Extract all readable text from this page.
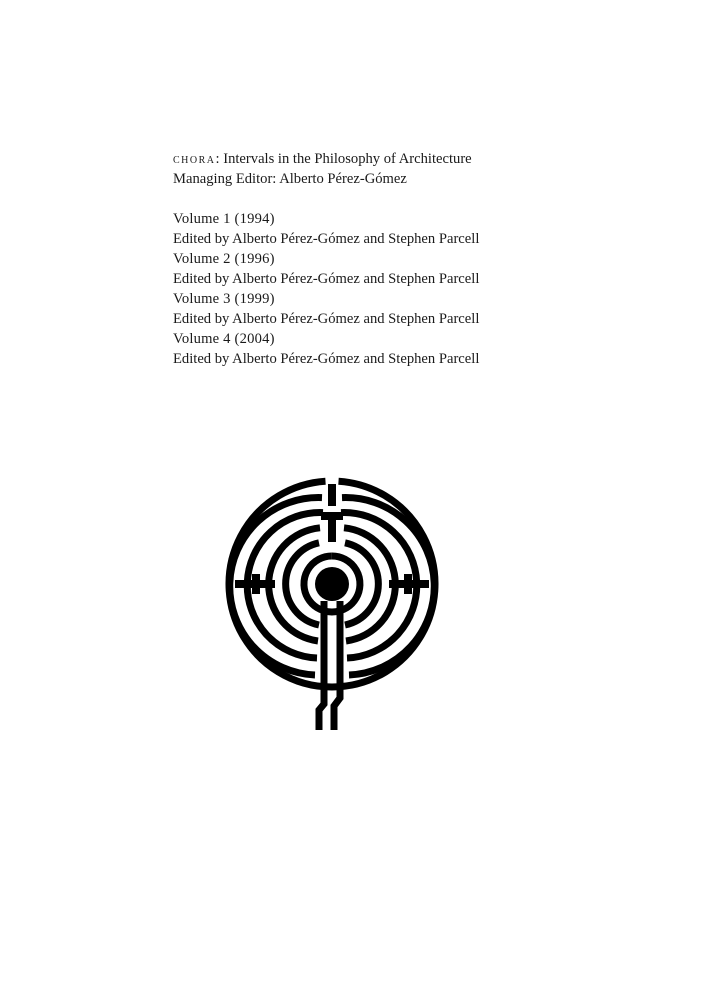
chora: Intervals in the Philosophy of Architecture
Managing Editor: Alberto Pérez-Gómez
Volume 1 (1994)
Edited by Alberto Pérez-Gómez and Stephen Parcell
Volume 2 (1996)
Edited by Alberto Pérez-Gómez and Stephen Parcell
Volume 3 (1999)
Edited by Alberto Pérez-Gómez and Stephen Parcell
Volume 4 (2004)
Edited by Alberto Pérez-Gómez and Stephen Parcell
